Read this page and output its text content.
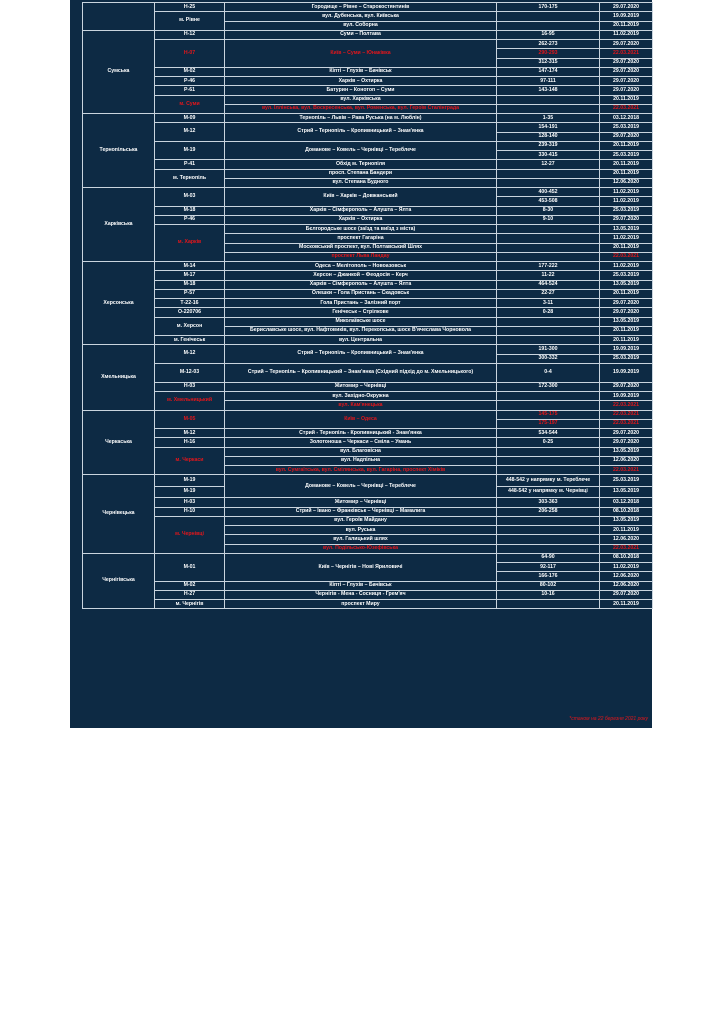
	Н-25	Городище – Рівне – Старокостянтинів	170-175	29.07.2020
	м. Рівне	вул. Дубенська, вул. Київська		19.09.2019
		вул. Соборна		20.11.2019
Сумська	Н-12	Суми – Полтава	16-95	11.02.2019
	Н-07	Київ – Суми – Юнаківка	262-273	29.07.2020
			290-293	22.03.2021
			312-315	29.07.2020
	М-02	Кіпті – Глухів – Бачівськ	147-174	29.07.2020
	Р-46	Харків – Охтирка	97-111	29.07.2020
	Р-61	Батурин – Конотоп – Суми	143-148	29.07.2020
	м. Суми	вул. Харківська		20.11.2019
		вул. Іллінська, вул. Воскресенська, вул. Роменська, вул. Героїв Сталінграда		22.03.2021
Тернопільська	М-09	Тернопіль – Львів – Рава Руська (на м. Люблін)	1-35	03.12.2018
	М-12	Стрий – Тернопіль – Кропивницький – Знам'янка	154-191	25.03.2019
			128-140	29.07.2020
	М-19	Доманове – Ковель – Чернівці – Тереблече	239-319	20.11.2019
			330-415	25.03.2019
	Р-41	Обхід м. Тернопіля	12-27	20.11.2019
	м. Тернопіль	просп. Степана Бандери		20.11.2019
		вул. Степана Будного		12.06.2020
Харківська	М-03	Київ – Харків – Довжанський	400-452	11.02.2019
			453-508	11.02.2019
	М-18	Харків – Сімферополь – Алушта – Ялта	8-30	25.03.2019
	Р-46	Харків – Охтирка	9-10	29.07.2020
	м. Харків	Бєлгородське шосе (заїзд та виїзд з міста)		13.05.2019
		проспект Гагаріна		11.02.2019
		Московський проспект, вул. Полтавський Шлях		20.11.2019
		проспект Льва Ландау		22.03.2021
Херсонська	М-14	Одеса – Мелітополь – Новоазовськ	177-222	11.02.2019
	М-17	Херсон – Джанкой – Феодосія – Керч	11-22	25.03.2019
	М-18	Харків – Сімферополь – Алушта – Ялта	464-524	13.05.2019
	Р-57	Олешки – Гола Пристань – Скадовськ	22-27	20.11.2019
	Т-22-16	Гола Пристань – Залізний порт	3-11	29.07.2020
	О-220706	Генічеськ – Стрілкове	0-28	29.07.2020
	м. Херсон	Миколаївське шосе		13.05.2019
		Бериславське шосе, вул. Нафтовиків, вул. Перекопська, шосе В'ячеслава Чорновола		20.11.2019
	м. Генічеськ	вул. Центральна		20.11.2019
Хмельницька	М-12	Стрий – Тернопіль – Кропивницький – Знам'янка	191-300	19.09.2019
			300-332	25.03.2019
	М-12-03	Стрий – Тернопіль – Кропивницький – Знам'янка (Східний підхід до м. Хмельницького)	0-4	19.09.2019
	Н-03	Житомир – Чернівці	172-300	29.07.2020
	м. Хмельницький	вул. Західно-Окружна		19.09.2019
		вул. Кам'янецька		22.03.2021
Черкаська	М-05	Київ – Одеса	145-175	22.03.2021
			175-197	22.03.2021
	М-12	Стрий - Тернопіль - Кропивницький - Знам'янка	534-544	29.07.2020
	Н-16	Золотоноша – Черкаси – Сміла – Умань	0-25	29.07.2020
	м. Черкаси	вул. Благовісна		13.05.2019
		вул. Надпільна		12.06.2020
		вул. Сумгаїтська, вул. Смілянська, вул. Гагаріна, проспект Хіміків		22.03.2021
Чернівецька	М-19	Доманове – Ковель – Чернівці – Тереблече	448-542 у напрямку м. Тереблече	25.03.2019
	М-19		448-542 у напрямку м. Чернівці	13.05.2019
	Н-03	Житомир – Чернівці	303-363	03.12.2018
	Н-10	Стрий – Івано – Франківськ – Чернівці – Мамалига	206-258	08.10.2018
	м. Чернівці	вул. Героїв Майдану		13.05.2019
		вул. Руська		20.11.2019
		вул. Галицький шлях		12.06.2020
		вул. Подільсько-Юзефівська		22.03.2021
Чернігівська	М-01	Київ – Чернігів – Нові Яриловичі	64-90	08.10.2018
			92-117	11.02.2019
			166-176	12.06.2020
	М-02	Кіпті – Глухів – Бачівськ	80-102	12.06.2020
	Н-27	Чернігів - Мена - Сосниця - Грем'яч	10-16	29.07.2020
	м. Чернігів	проспект Миру		20.11.2019
*станом на 22 березня 2021 року
